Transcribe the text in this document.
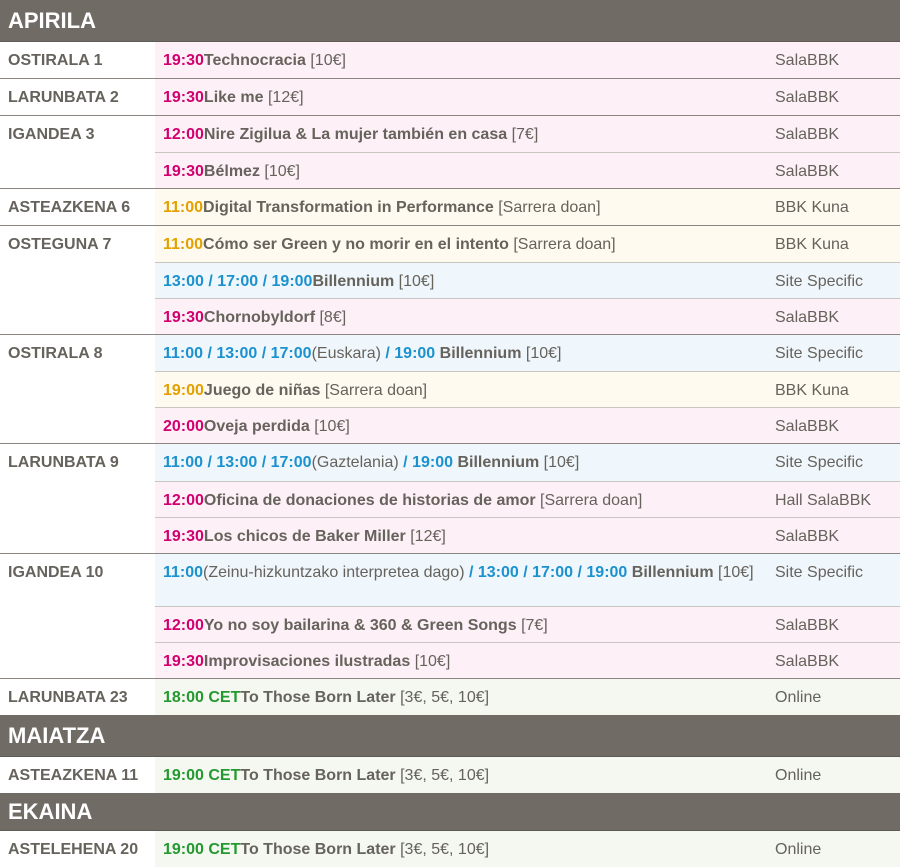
APIRILA
OSTIRALA 1	19:30 Technocracia [10€]	SalaBBK
LARUNBATA 2	19:30 Like me [12€]	SalaBBK
IGANDEA 3	12:00 Nire Zigilua & La mujer también en casa [7€]	SalaBBK
19:30 Bélmez [10€]	SalaBBK
ASTEAZKENA 6	11:00 Digital Transformation in Performance [Sarrera doan]	BBK Kuna
OSTEGUNA 7	11:00 Cómo ser Green y no morir en el intento [Sarrera doan]	BBK Kuna
13:00 / 17:00 / 19:00 Billennium [10€]	Site Specific
19:30 Chornobyldorf [8€]	SalaBBK
OSTIRALA 8	11:00 / 13:00 / 17:00 (Euskara) / 19:00 Billennium [10€]	Site Specific
19:00 Juego de niñas [Sarrera doan]	BBK Kuna
20:00 Oveja perdida [10€]	SalaBBK
LARUNBATA 9	11:00 / 13:00 / 17:00 (Gaztelania) / 19:00 Billennium [10€]	Site Specific
12:00 Oficina de donaciones de historias de amor [Sarrera doan]	Hall SalaBBK
19:30 Los chicos de Baker Miller [12€]	SalaBBK
IGANDEA 10	11:00 (Zeinu-hizkuntzako interpretea dago) / 13:00 / 17:00 / 19:00 Billennium [10€]	Site Specific
12:00 Yo no soy bailarina & 360 & Green Songs [7€]	SalaBBK
19:30 Improvisaciones ilustradas [10€]	SalaBBK
LARUNBATA 23	18:00 CET To Those Born Later [3€, 5€, 10€]	Online
MAIATZA
ASTEAZKENA 11	19:00 CET To Those Born Later [3€, 5€, 10€]	Online
EKAINA
ASTELEHENA 20	19:00 CET To Those Born Later [3€, 5€, 10€]	Online
